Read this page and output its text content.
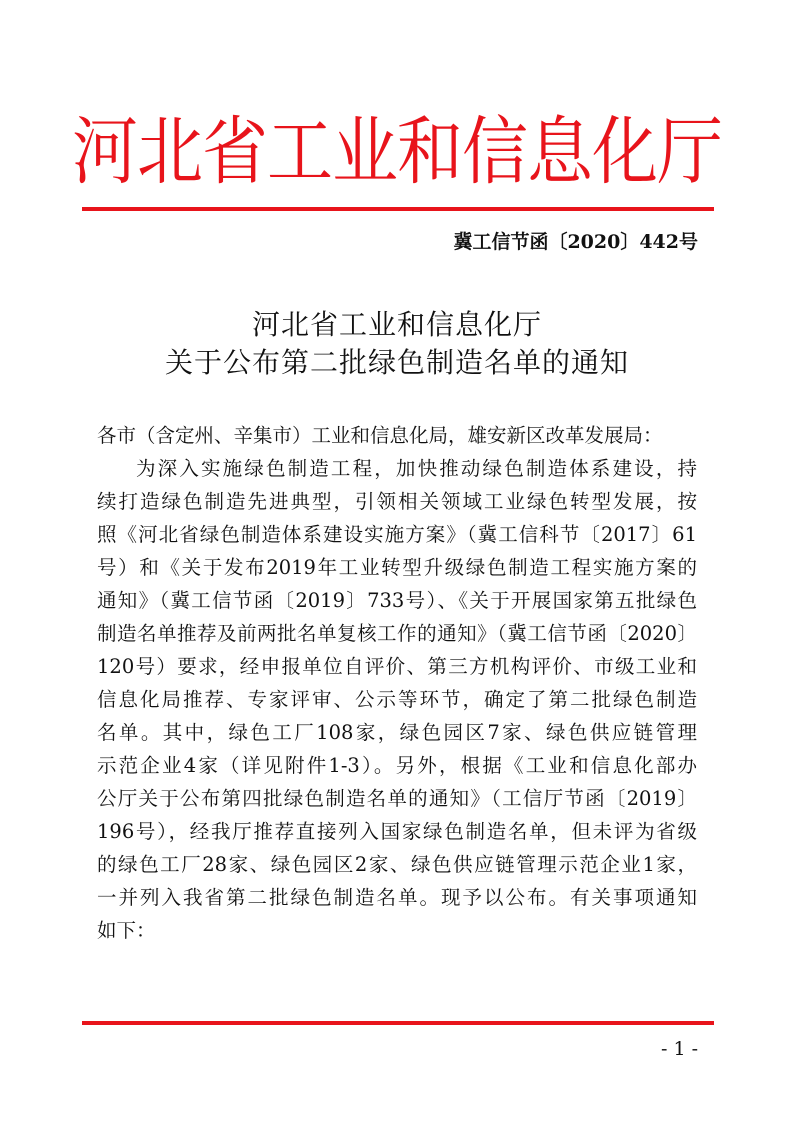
河北省工业和信息化厅
冀工信节函〔2020〕442号
河北省工业和信息化厅
关于公布第二批绿色制造名单的通知
各市（含定州、辛集市）工业和信息化局，雄安新区改革发展局：
为深入实施绿色制造工程，加快推动绿色制造体系建设，持
续打造绿色制造先进典型，引领相关领域工业绿色转型发展，按
照《河北省绿色制造体系建设实施方案》（冀工信科节〔2017〕61
号）和《关于发布2019年工业转型升级绿色制造工程实施方案的
通知》（冀工信节函〔2019〕733号）、《关于开展国家第五批绿色
制造名单推荐及前两批名单复核工作的通知》（冀工信节函〔2020〕
120号）要求，经申报单位自评价、第三方机构评价、市级工业和
信息化局推荐、专家评审、公示等环节，确定了第二批绿色制造
名单。其中，绿色工厂108家，绿色园区7家、绿色供应链管理
示范企业4家（详见附件1-3）。另外，根据《工业和信息化部办
公厅关于公布第四批绿色制造名单的通知》（工信厅节函〔2019〕
196号），经我厅推荐直接列入国家绿色制造名单，但未评为省级
的绿色工厂28家、绿色园区2家、绿色供应链管理示范企业1家，
一并列入我省第二批绿色制造名单。现予以公布。有关事项通知
如下：
- 1 -
